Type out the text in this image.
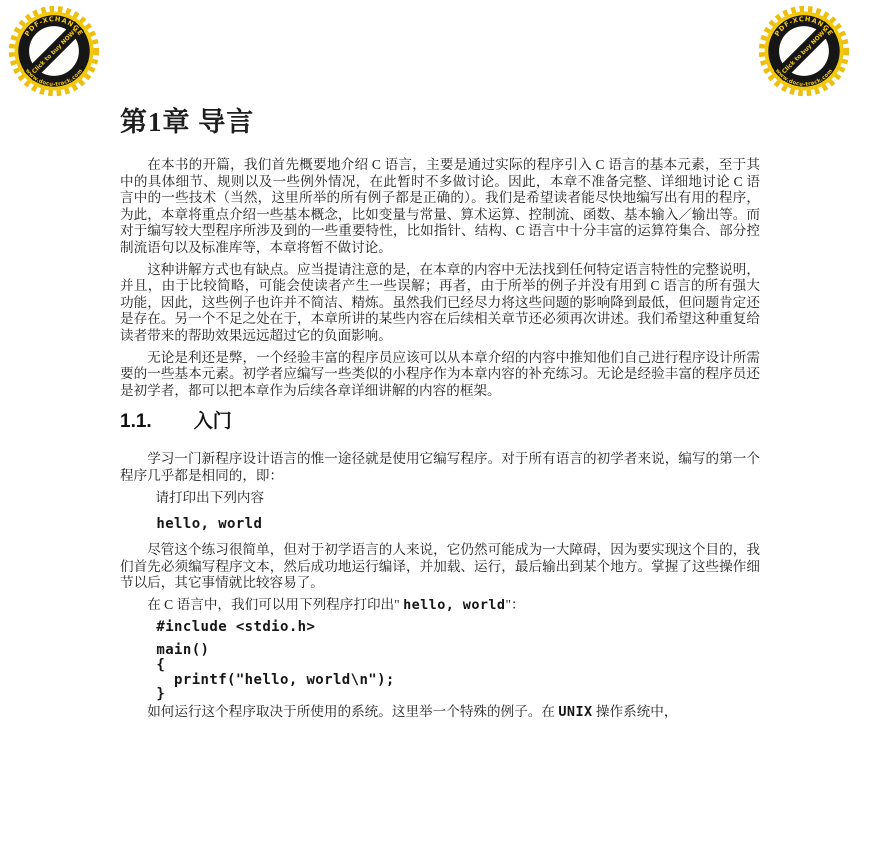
第1章 导言

在本书的开篇，我们首先概要地介绍 C 语言，主要是通过实际的程序引入 C 语言的基本元素，至于其中的具体细节、规则以及一些例外情况，在此暂时不多做讨论。因此，本章不准备完整、详细地讨论 C 语言中的一些技术（当然，这里所举的所有例子都是正确的）。我们是希望读者能尽快地编写出有用的程序，为此，本章将重点介绍一些基本概念，比如变量与常量、算术运算、控制流、函数、基本输入／输出等。而对于编写较大型程序所涉及到的一些重要特性，比如指针、结构、C 语言中十分丰富的运算符集合、部分控制流语句以及标准库等，本章将暂不做讨论。

这种讲解方式也有缺点。应当提请注意的是，在本章的内容中无法找到任何特定语言特性的完整说明，并且，由于比较简略，可能会使读者产生一些误解；再者，由于所举的例子并没有用到 C 语言的所有强大功能，因此，这些例子也许并不简洁、精炼。虽然我们已经尽力将这些问题的影响降到最低，但问题肯定还是存在。另一个不足之处在于，本章所讲的某些内容在后续相关章节还必须再次讲述。我们希望这种重复给读者带来的帮助效果远远超过它的负面影响。

无论是利还是弊，一个经验丰富的程序员应该可以从本章介绍的内容中推知他们自己进行程序设计所需要的一些基本元素。初学者应编写一些类似的小程序作为本章内容的补充练习。无论是经验丰富的程序员还是初学者，都可以把本章作为后续各章详细讲解的内容的框架。

1.1. 入门

学习一门新程序设计语言的惟一途径就是使用它编写程序。对于所有语言的初学者来说，编写的第一个程序几乎都是相同的，即：

请打印出下列内容
hello, world

尽管这个练习很简单，但对于初学语言的人来说，它仍然可能成为一大障碍，因为要实现这个目的，我们首先必须编写程序文本，然后成功地运行编译，并加载、运行，最后输出到某个地方。掌握了这些操作细节以后，其它事情就比较容易了。

在 C 语言中，我们可以用下列程序打印出" hello, world"：

#include <stdio.h>
main()
{
printf("hello, world\n");
}

如何运行这个程序取决于所使用的系统。这里举一个特殊的例子。在 UNIX 操作系统中，
